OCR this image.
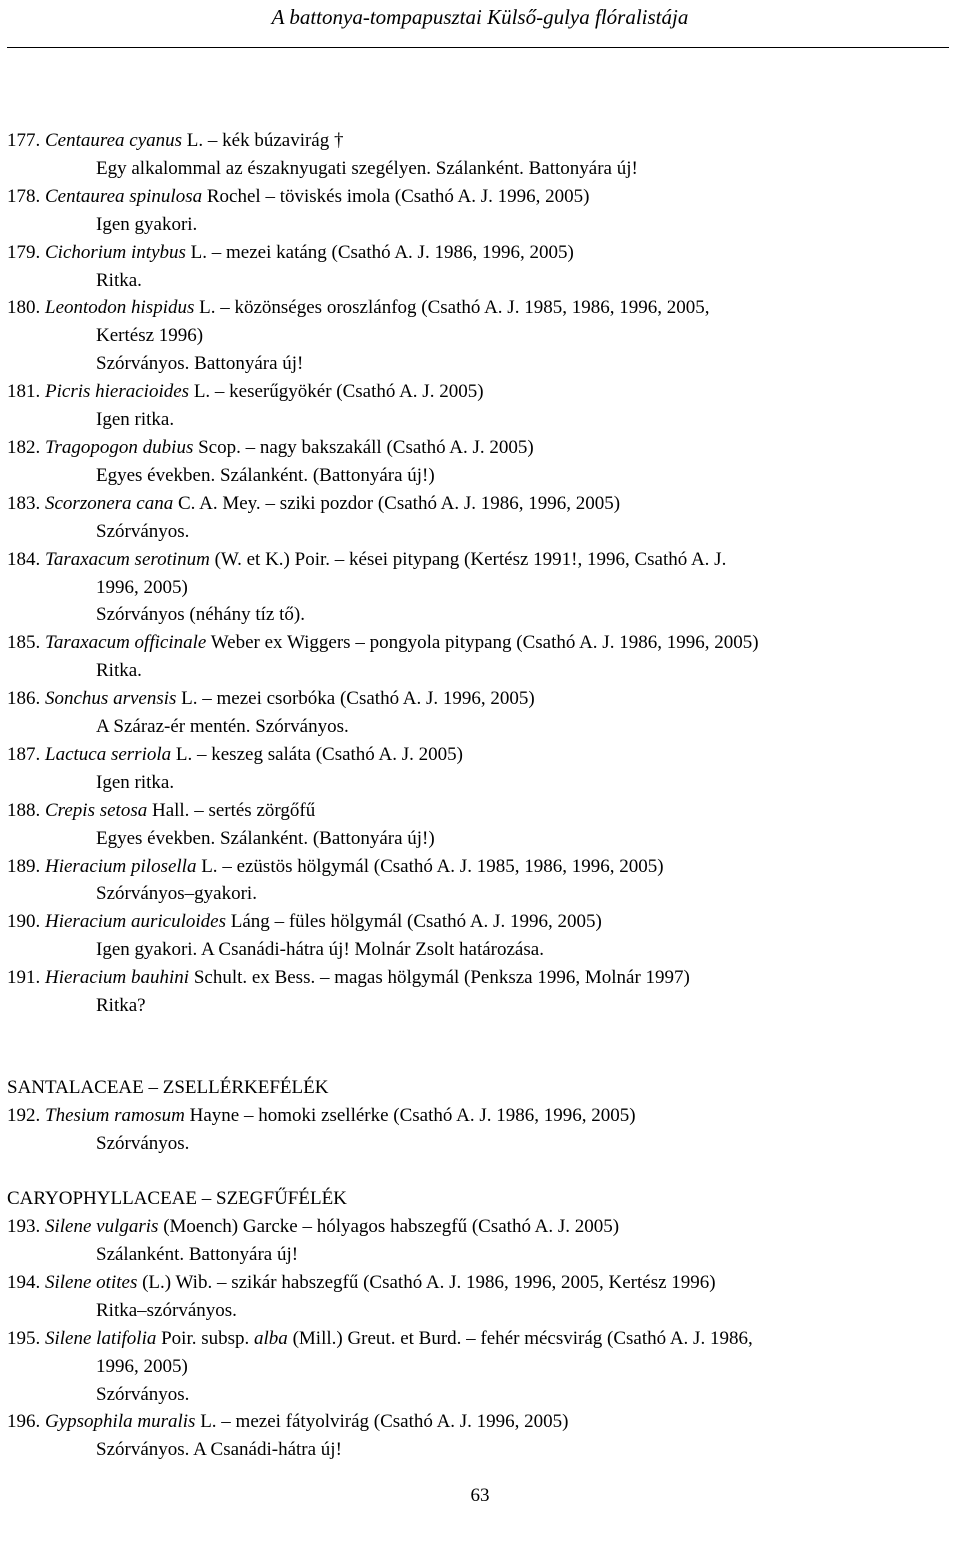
A battonya-tompapusztai Külső-gulya flóralistája
177. Centaurea cyanus L. – kék búzavirág †
Egy alkalommal az északnyugati szegélyen. Szálanként. Battonyára új!
178. Centaurea spinulosa Rochel – töviskés imola (Csathó A. J. 1996, 2005)
Igen gyakori.
179. Cichorium intybus L. – mezei katáng (Csathó A. J. 1986, 1996, 2005)
Ritka.
180. Leontodon hispidus L. – közönséges oroszlánfog (Csathó A. J. 1985, 1986, 1996, 2005,
Kertész 1996)
Szórványos. Battonyára új!
181. Picris hieracioides L. – keserűgyökér (Csathó A. J. 2005)
Igen ritka.
182. Tragopogon dubius Scop. – nagy bakszakáll (Csathó A. J. 2005)
Egyes években. Szálanként. (Battonyára új!)
183. Scorzonera cana C. A. Mey. – sziki pozdor (Csathó A. J. 1986, 1996, 2005)
Szórványos.
184. Taraxacum serotinum (W. et K.) Poir. – kései pitypang (Kertész 1991!, 1996, Csathó A. J.
1996, 2005)
Szórványos (néhány tíz tő).
185. Taraxacum officinale Weber ex Wiggers – pongyola pitypang (Csathó A. J. 1986, 1996, 2005)
Ritka.
186. Sonchus arvensis L. – mezei csorbóka (Csathó A. J. 1996, 2005)
A Száraz-ér mentén. Szórványos.
187. Lactuca serriola L. – keszeg saláta (Csathó A. J. 2005)
Igen ritka.
188. Crepis setosa Hall. – sertés zörgőfű
Egyes években. Szálanként. (Battonyára új!)
189. Hieracium pilosella L. – ezüstös hölgymál (Csathó A. J. 1985, 1986, 1996, 2005)
Szórványos–gyakori.
190. Hieracium auriculoides Láng – füles hölgymál (Csathó A. J. 1996, 2005)
Igen gyakori. A Csanádi-hátra új! Molnár Zsolt határozása.
191. Hieracium bauhini Schult. ex Bess. – magas hölgymál (Penksza 1996, Molnár 1997)
Ritka?
SANTALACEAE – ZSELLÉRKEFÉLÉK
192. Thesium ramosum Hayne – homoki zsellérke (Csathó A. J. 1986, 1996, 2005)
Szórványos.
CARYOPHYLLACEAE – SZEGFŰFÉLÉK
193. Silene vulgaris (Moench) Garcke – hólyagos habszegfű (Csathó A. J. 2005)
Szálanként. Battonyára új!
194. Silene otites (L.) Wib. – szikár habszegfű (Csathó A. J. 1986, 1996, 2005, Kertész 1996)
Ritka–szórványos.
195. Silene latifolia Poir. subsp. alba (Mill.) Greut. et Burd. – fehér mécsvirág (Csathó A. J. 1986,
1996, 2005)
Szórványos.
196. Gypsophila muralis L. – mezei fátyolvirág (Csathó A. J. 1996, 2005)
Szórványos. A Csanádi-hátra új!
63
